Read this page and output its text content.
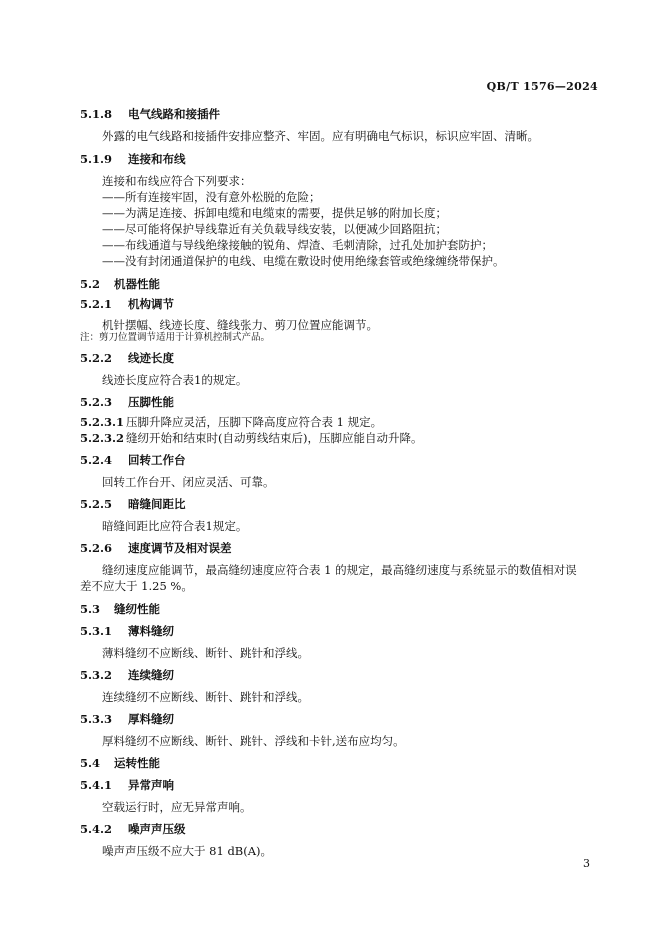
QB/T 1576—2024
5.1.8 电气线路和接插件
外露的电气线路和接插件安排应整齐、牢固。应有明确电气标识，标识应牢固、清晰。
5.1.9 连接和布线
连接和布线应符合下列要求：
——所有连接牢固，没有意外松脱的危险；
——为满足连接、拆卸电缆和电缆束的需要，提供足够的附加长度；
——尽可能将保护导线靠近有关负载导线安装，以便减少回路阻抗；
——布线通道与导线绝缘接触的锐角、焊渣、毛刺清除，过孔处加护套防护；
——没有封闭通道保护的电线、电缆在敷设时使用绝缘套管或绝缘缠绕带保护。
5.2 机器性能
5.2.1 机构调节
机针摆幅、线迹长度、缝线张力、剪刀位置应能调节。
注：剪刀位置调节适用于计算机控制式产品。
5.2.2 线迹长度
线迹长度应符合表1的规定。
5.2.3 压脚性能
5.2.3.1 压脚升降应灵活，压脚下降高度应符合表 1 规定。
5.2.3.2 缝纫开始和结束时(自动剪线结束后)，压脚应能自动升降。
5.2.4 回转工作台
回转工作台开、闭应灵活、可靠。
5.2.5 暗缝间距比
暗缝间距比应符合表1规定。
5.2.6 速度调节及相对误差
缝纫速度应能调节，最高缝纫速度应符合表 1 的规定，最高缝纫速度与系统显示的数值相对误
差不应大于 1.25 %。
5.3 缝纫性能
5.3.1 薄料缝纫
薄料缝纫不应断线、断针、跳针和浮线。
5.3.2 连续缝纫
连续缝纫不应断线、断针、跳针和浮线。
5.3.3 厚料缝纫
厚料缝纫不应断线、断针、跳针、浮线和卡针,送布应均匀。
5.4 运转性能
5.4.1 异常声响
空载运行时，应无异常声响。
5.4.2 噪声声压级
噪声声压级不应大于 81 dB(A)。
3
